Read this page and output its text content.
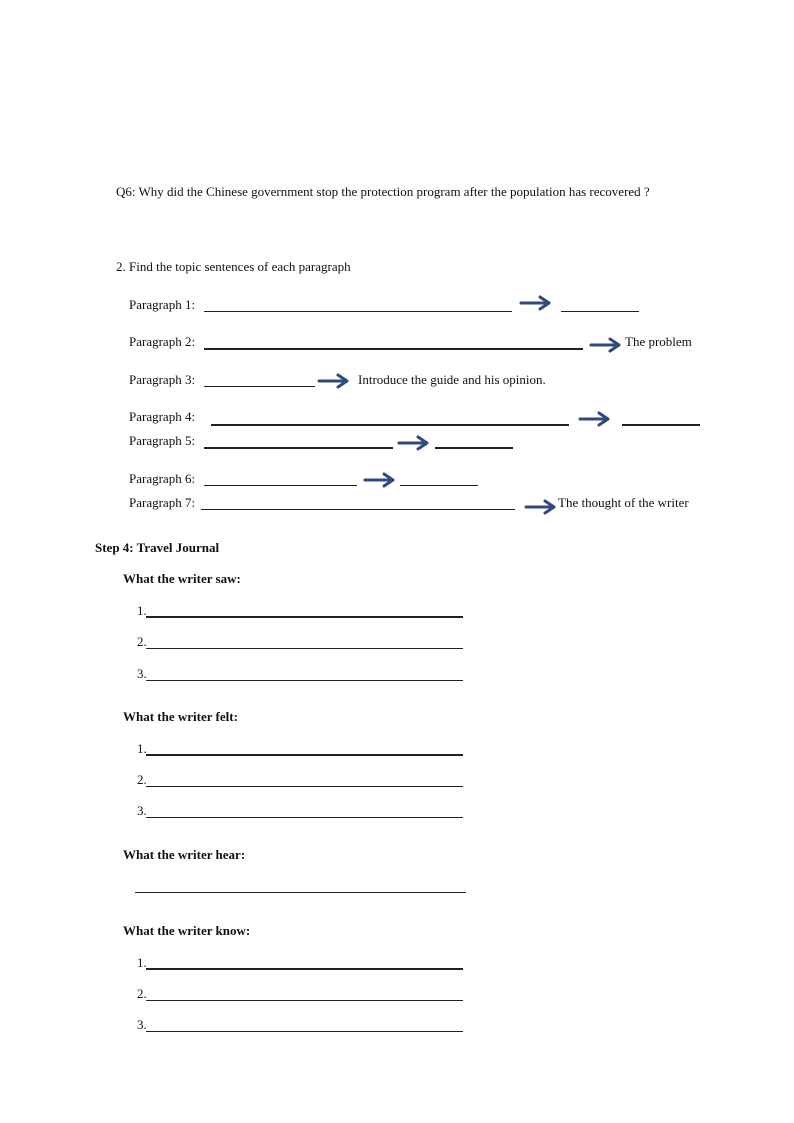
Q6: Why did the Chinese government stop the protection program after the population has recovered ?
2. Find the topic sentences of each paragraph
Paragraph 1:
Paragraph 2:	The problem
Paragraph 3:	Introduce the guide and his opinion.
Paragraph 4:
Paragraph 5:
Paragraph 6:
Paragraph 7:	The thought of the writer
Step 4: Travel Journal
What the writer saw:
1.
2.
3.
What the writer felt:
1.
2.
3.
What the writer hear:
What the writer know:
1.
2.
3.
